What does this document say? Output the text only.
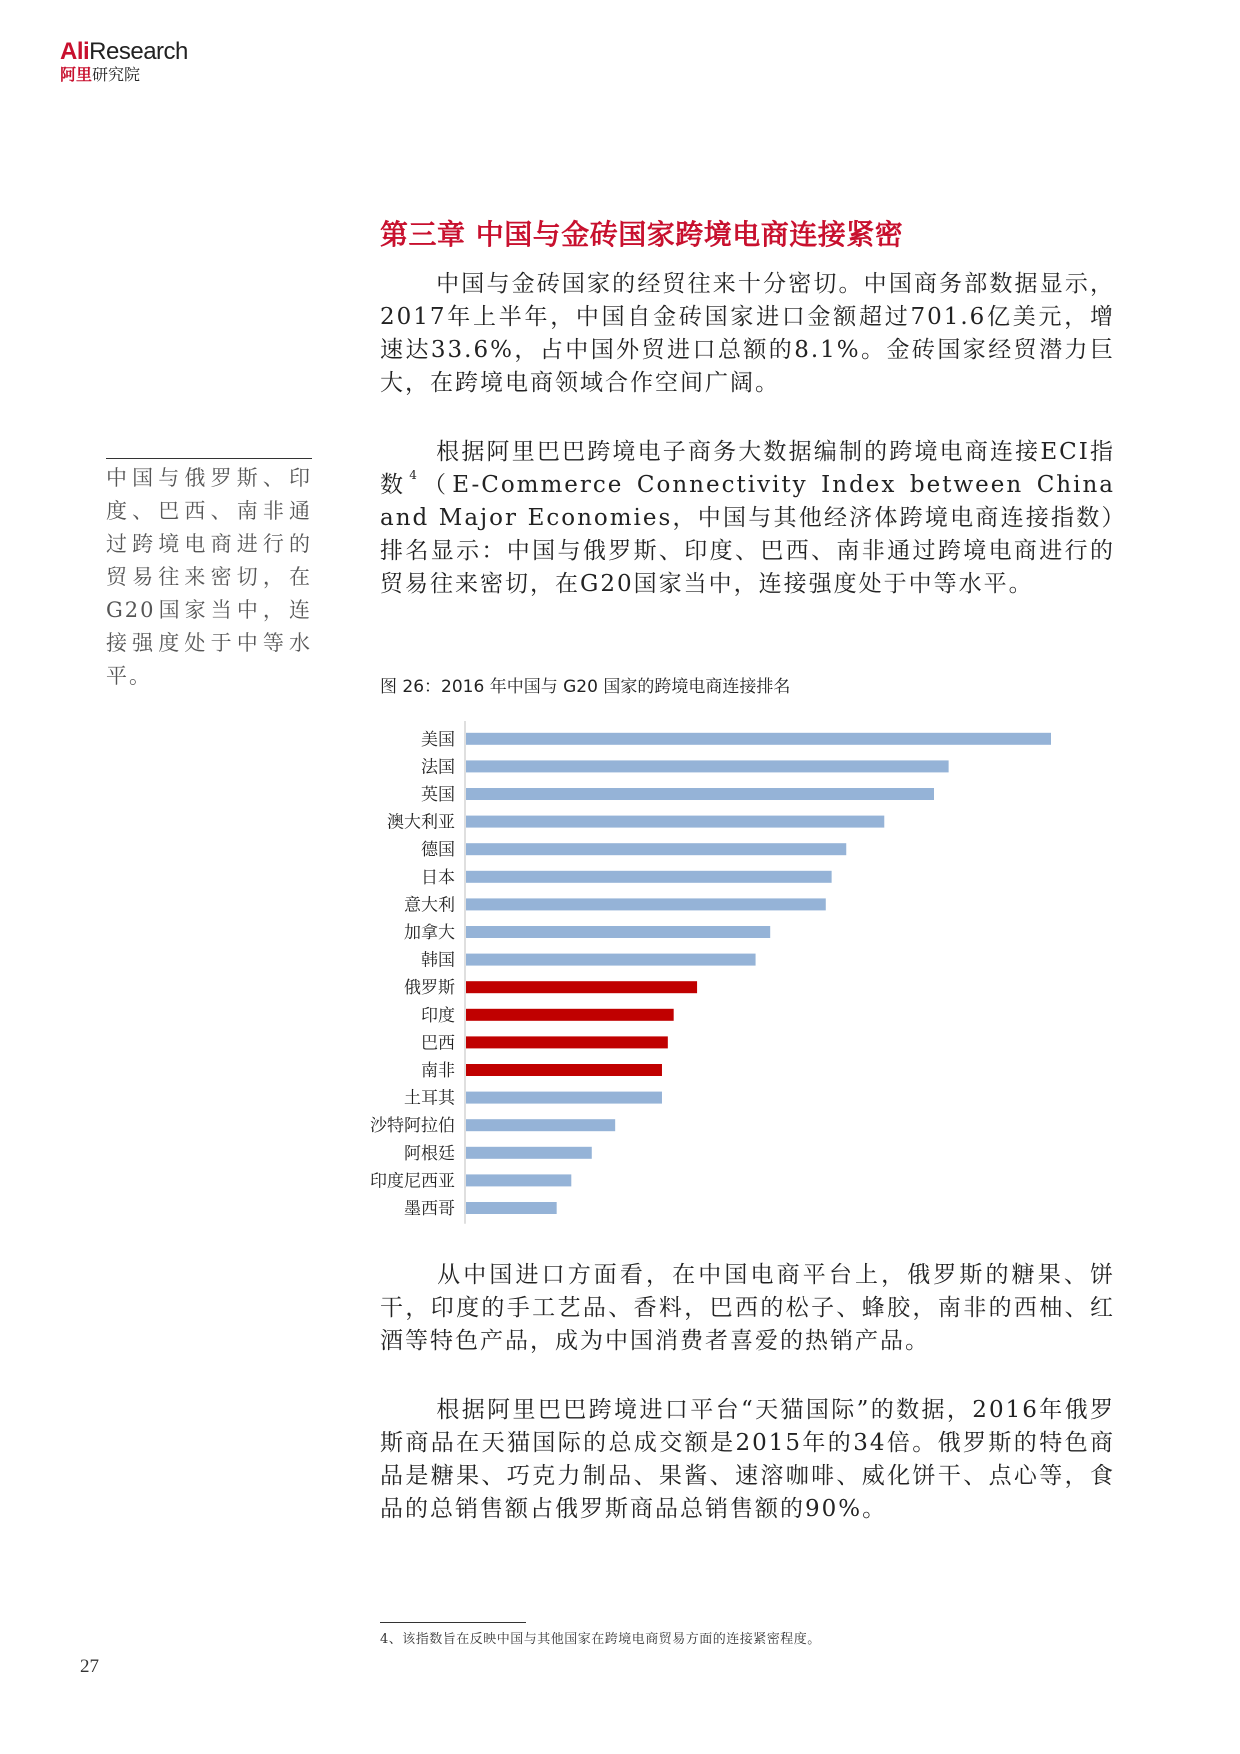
AliResearch
阿里研究院
第三章 中国与金砖国家跨境电商连接紧密

中国与金砖国家的经贸往来十分密切。中国商务部数据显示，2017年上半年，中国自金砖国家进口金额超过701.6亿美元，增速达33.6%，占中国外贸进口总额的8.1%。金砖国家经贸潜力巨大，在跨境电商领域合作空间广阔。

根据阿里巴巴跨境电子商务大数据编制的跨境电商连接ECI指数$^4$（E-Commerce Connectivity Index between China and Major Economies，中国与其他经济体跨境电商连接指数）排名显示：中国与俄罗斯、印度、巴西、南非通过跨境电商进行的贸易往来密切，在G20国家当中，连接强度处于中等水平。

中国与俄罗斯、印度、巴西、南非通过跨境电商进行的贸易往来密切，在G20国家当中，连接强度处于中等水平。	图 26：2016 年中国与 G20 国家的跨境电商连接排名

美国
法国
英国
澳大利亚
德国
日本
意大利
加拿大
韩国
俄罗斯
印度
巴西
南非
土耳其
沙特阿拉伯
阿根廷
印度尼西亚
墨西哥

从中国进口方面看，在中国电商平台上，俄罗斯的糖果、饼干，印度的手工艺品、香料，巴西的松子、蜂胶，南非的西柚、红酒等特色产品，成为中国消费者喜爱的热销产品。

根据阿里巴巴跨境进口平台“天猫国际”的数据，2016年俄罗斯商品在天猫国际的总成交额是2015年的34倍。俄罗斯的特色商品是糖果、巧克力制品、果酱、速溶咖啡、威化饼干、点心等，食品的总销售额占俄罗斯商品总销售额的90%。

4、该指数旨在反映中国与其他国家在跨境电商贸易方面的连接紧密程度。

27
